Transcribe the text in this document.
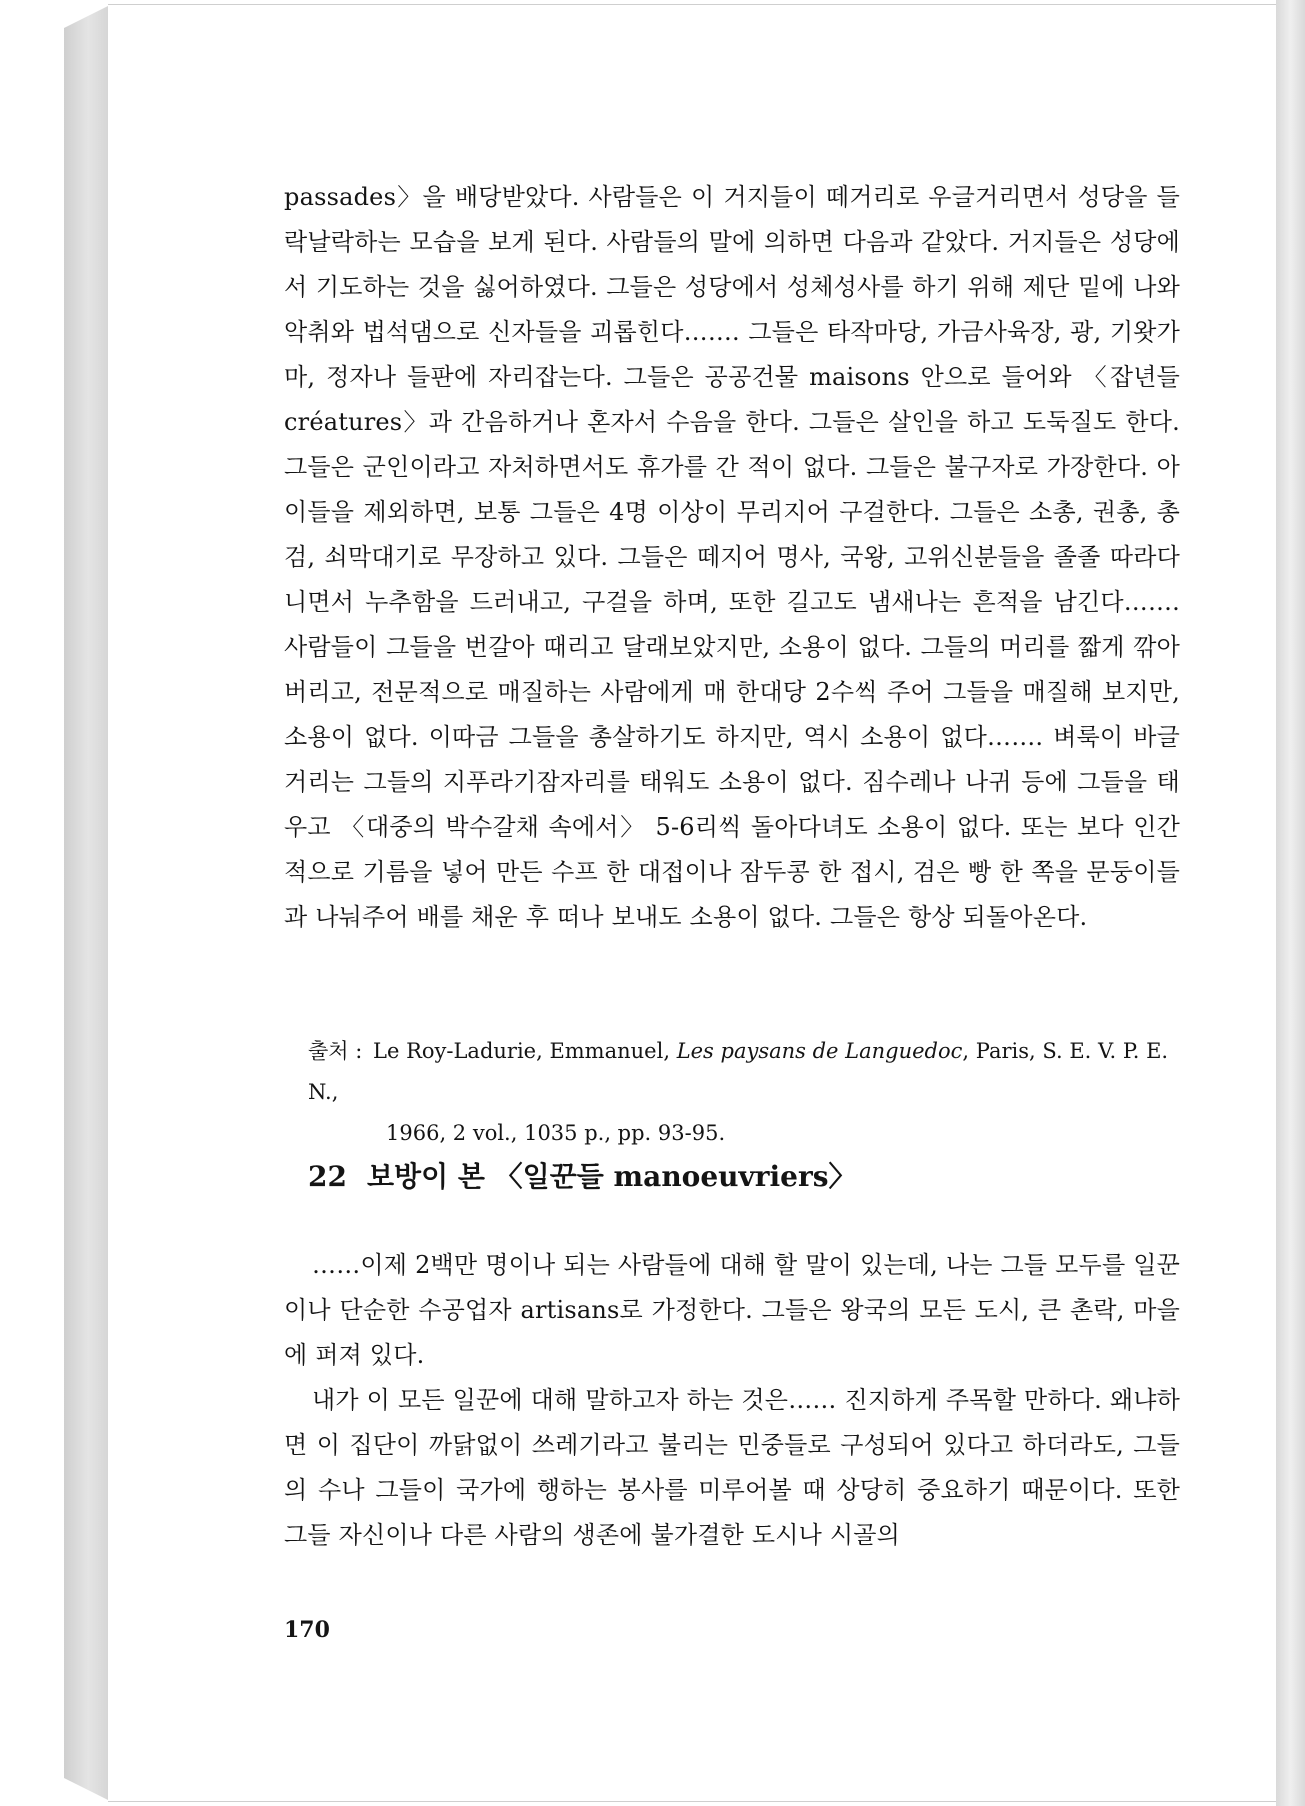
passades〉을 배당받았다. 사람들은 이 거지들이 떼거리로 우글거리면서 성당을 들락날락하는 모습을 보게 된다. 사람들의 말에 의하면 다음과 같았다. 거지들은 성당에서 기도하는 것을 싫어하였다. 그들은 성당에서 성체성사를 하기 위해 제단 밑에 나와 악취와 법석댐으로 신자들을 괴롭힌다……. 그들은 타작마당, 가금사육장, 광, 기왓가마, 정자나 들판에 자리잡는다. 그들은 공공건물 maisons 안으로 들어와 〈잡년들 créatures〉과 간음하거나 혼자서 수음을 한다. 그들은 살인을 하고 도둑질도 한다. 그들은 군인이라고 자처하면서도 휴가를 간 적이 없다. 그들은 불구자로 가장한다. 아이들을 제외하면, 보통 그들은 4명 이상이 무리지어 구걸한다. 그들은 소총, 권총, 총검, 쇠막대기로 무장하고 있다. 그들은 떼지어 명사, 국왕, 고위신분들을 졸졸 따라다니면서 누추함을 드러내고, 구걸을 하며, 또한 길고도 냄새나는 흔적을 남긴다……. 사람들이 그들을 번갈아 때리고 달래보았지만, 소용이 없다. 그들의 머리를 짧게 깎아버리고, 전문적으로 매질하는 사람에게 매 한대당 2수씩 주어 그들을 매질해 보지만, 소용이 없다. 이따금 그들을 총살하기도 하지만, 역시 소용이 없다……. 벼룩이 바글거리는 그들의 지푸라기잠자리를 태워도 소용이 없다. 짐수레나 나귀 등에 그들을 태우고 〈대중의 박수갈채 속에서〉 5-6리씩 돌아다녀도 소용이 없다. 또는 보다 인간적으로 기름을 넣어 만든 수프 한 대접이나 잠두콩 한 접시, 검은 빵 한 쪽을 문둥이들과 나눠주어 배를 채운 후 떠나 보내도 소용이 없다. 그들은 항상 되돌아온다.

출처 : Le Roy-Ladurie, Emmanuel, Les paysans de Languedoc, Paris, S. E. V. P. E. N.,
1966, 2 vol., 1035 p., pp. 93-95.

22 보방이 본 〈일꾼들 manoeuvriers〉

……이제 2백만 명이나 되는 사람들에 대해 할 말이 있는데, 나는 그들 모두를 일꾼이나 단순한 수공업자 artisans로 가정한다. 그들은 왕국의 모든 도시, 큰 촌락, 마을에 퍼져 있다.

내가 이 모든 일꾼에 대해 말하고자 하는 것은…… 진지하게 주목할 만하다. 왜냐하면 이 집단이 까닭없이 쓰레기라고 불리는 민중들로 구성되어 있다고 하더라도, 그들의 수나 그들이 국가에 행하는 봉사를 미루어볼 때 상당히 중요하기 때문이다. 또한 그들 자신이나 다른 사람의 생존에 불가결한 도시나 시골의

170
